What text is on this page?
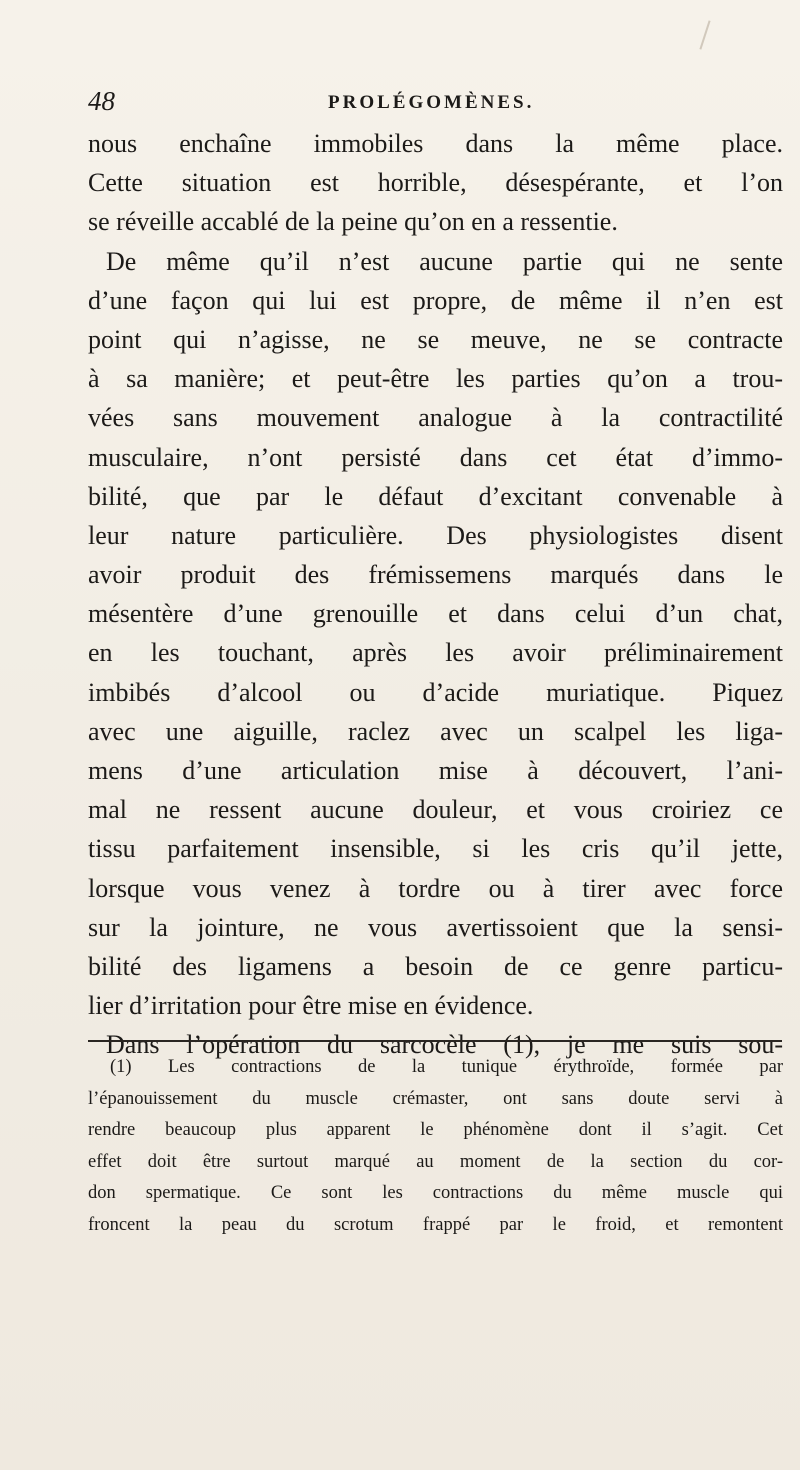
48	PROLÉGOMÈNES.
nous enchaîne immobiles dans la même place.
Cette situation est horrible, désespérante, et l’on
se réveille accablé de la peine qu’on en a ressentie.
De même qu’il n’est aucune partie qui ne sente
d’une façon qui lui est propre, de même il n’en est
point qui n’agisse, ne se meuve, ne se contracte
à sa manière; et peut-être les parties qu’on a trou-
vées sans mouvement analogue à la contractilité
musculaire, n’ont persisté dans cet état d’immo-
bilité, que par le défaut d’excitant convenable à
leur nature particulière. Des physiologistes disent
avoir produit des frémissemens marqués dans le
mésentère d’une grenouille et dans celui d’un chat,
en les touchant, après les avoir préliminairement
imbibés d’alcool ou d’acide muriatique. Piquez
avec une aiguille, raclez avec un scalpel les liga-
mens d’une articulation mise à découvert, l’ani-
mal ne ressent aucune douleur, et vous croiriez ce
tissu parfaitement insensible, si les cris qu’il jette,
lorsque vous venez à tordre ou à tirer avec force
sur la jointure, ne vous avertissoient que la sensi-
bilité des ligamens a besoin de ce genre particu-
lier d’irritation pour être mise en évidence.
Dans l’opération du sarcocèle (1), je me suis sou-
(1) Les contractions de la tunique érythroïde, formée par
l’épanouissement du muscle crémaster, ont sans doute servi à
rendre beaucoup plus apparent le phénomène dont il s’agit. Cet
effet doit être surtout marqué au moment de la section du cor-
don spermatique. Ce sont les contractions du même muscle qui
froncent la peau du scrotum frappé par le froid, et remontent
